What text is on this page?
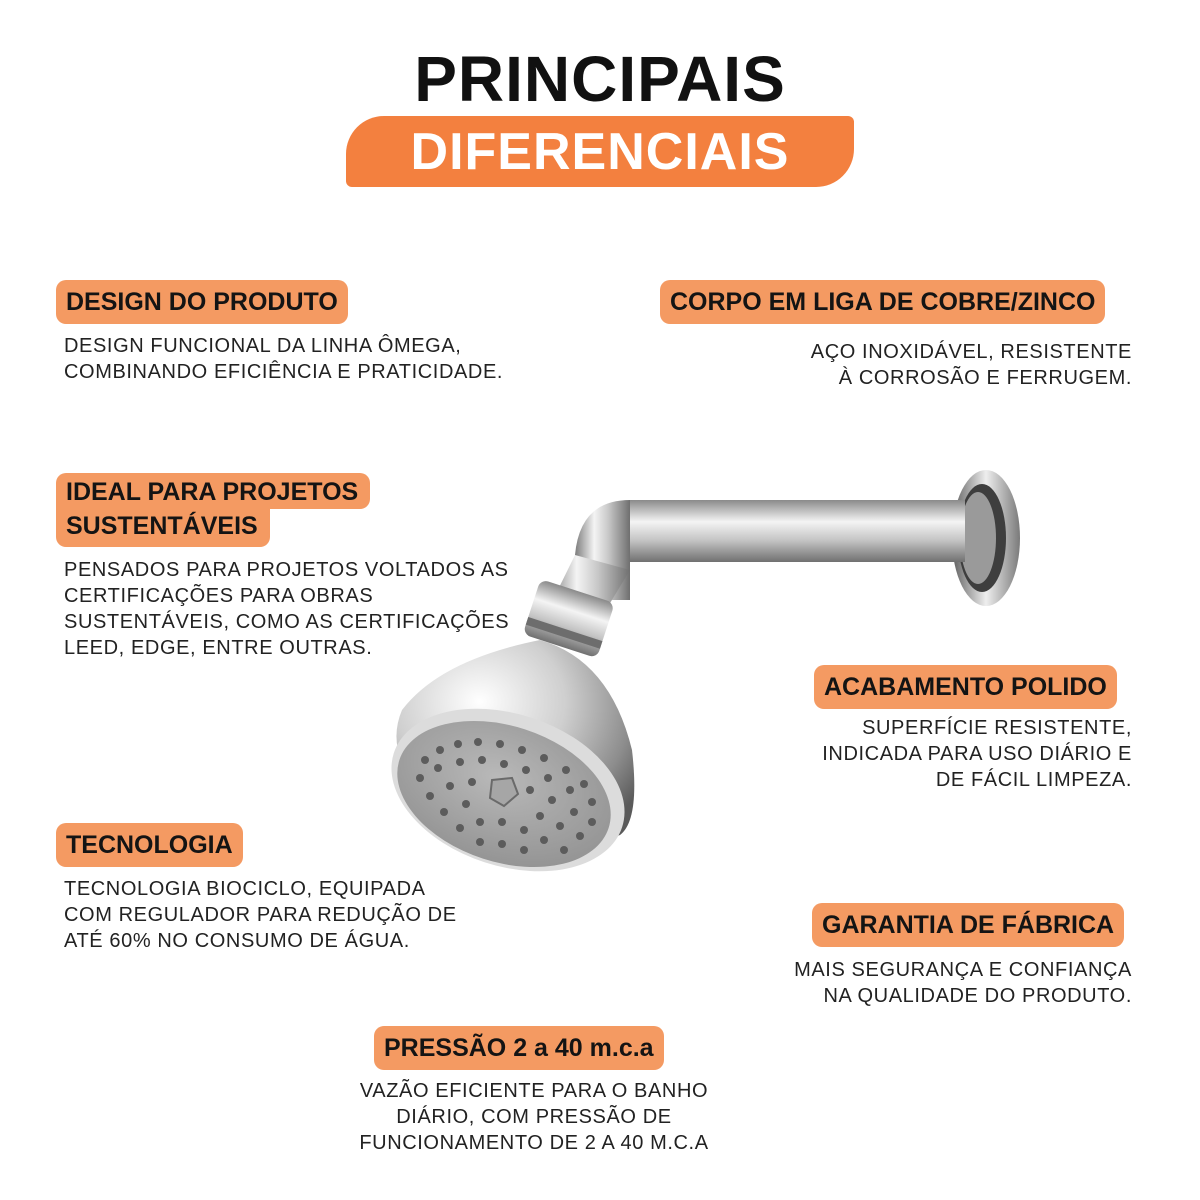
PRINCIPAIS
DIFERENCIAIS
DESIGN DO PRODUTO
DESIGN FUNCIONAL DA LINHA ÔMEGA,
COMBINANDO EFICIÊNCIA E PRATICIDADE.
CORPO EM LIGA DE COBRE/ZINCO
AÇO INOXIDÁVEL, RESISTENTE
À CORROSÃO E FERRUGEM.
IDEAL PARA PROJETOS
SUSTENTÁVEIS
PENSADOS PARA PROJETOS VOLTADOS AS
CERTIFICAÇÕES PARA OBRAS
SUSTENTÁVEIS, COMO AS CERTIFICAÇÕES
LEED, EDGE, ENTRE OUTRAS.
ACABAMENTO POLIDO
SUPERFÍCIE RESISTENTE,
INDICADA PARA USO DIÁRIO E
DE FÁCIL LIMPEZA.
TECNOLOGIA
TECNOLOGIA BIOCICLO, EQUIPADA
COM REGULADOR PARA REDUÇÃO DE
ATÉ 60% NO CONSUMO DE ÁGUA.
GARANTIA DE FÁBRICA
MAIS SEGURANÇA E CONFIANÇA
NA QUALIDADE DO PRODUTO.
PRESSÃO 2 a 40 m.c.a
VAZÃO EFICIENTE PARA O BANHO
DIÁRIO, COM PRESSÃO DE
FUNCIONAMENTO DE 2 A 40 M.C.A
